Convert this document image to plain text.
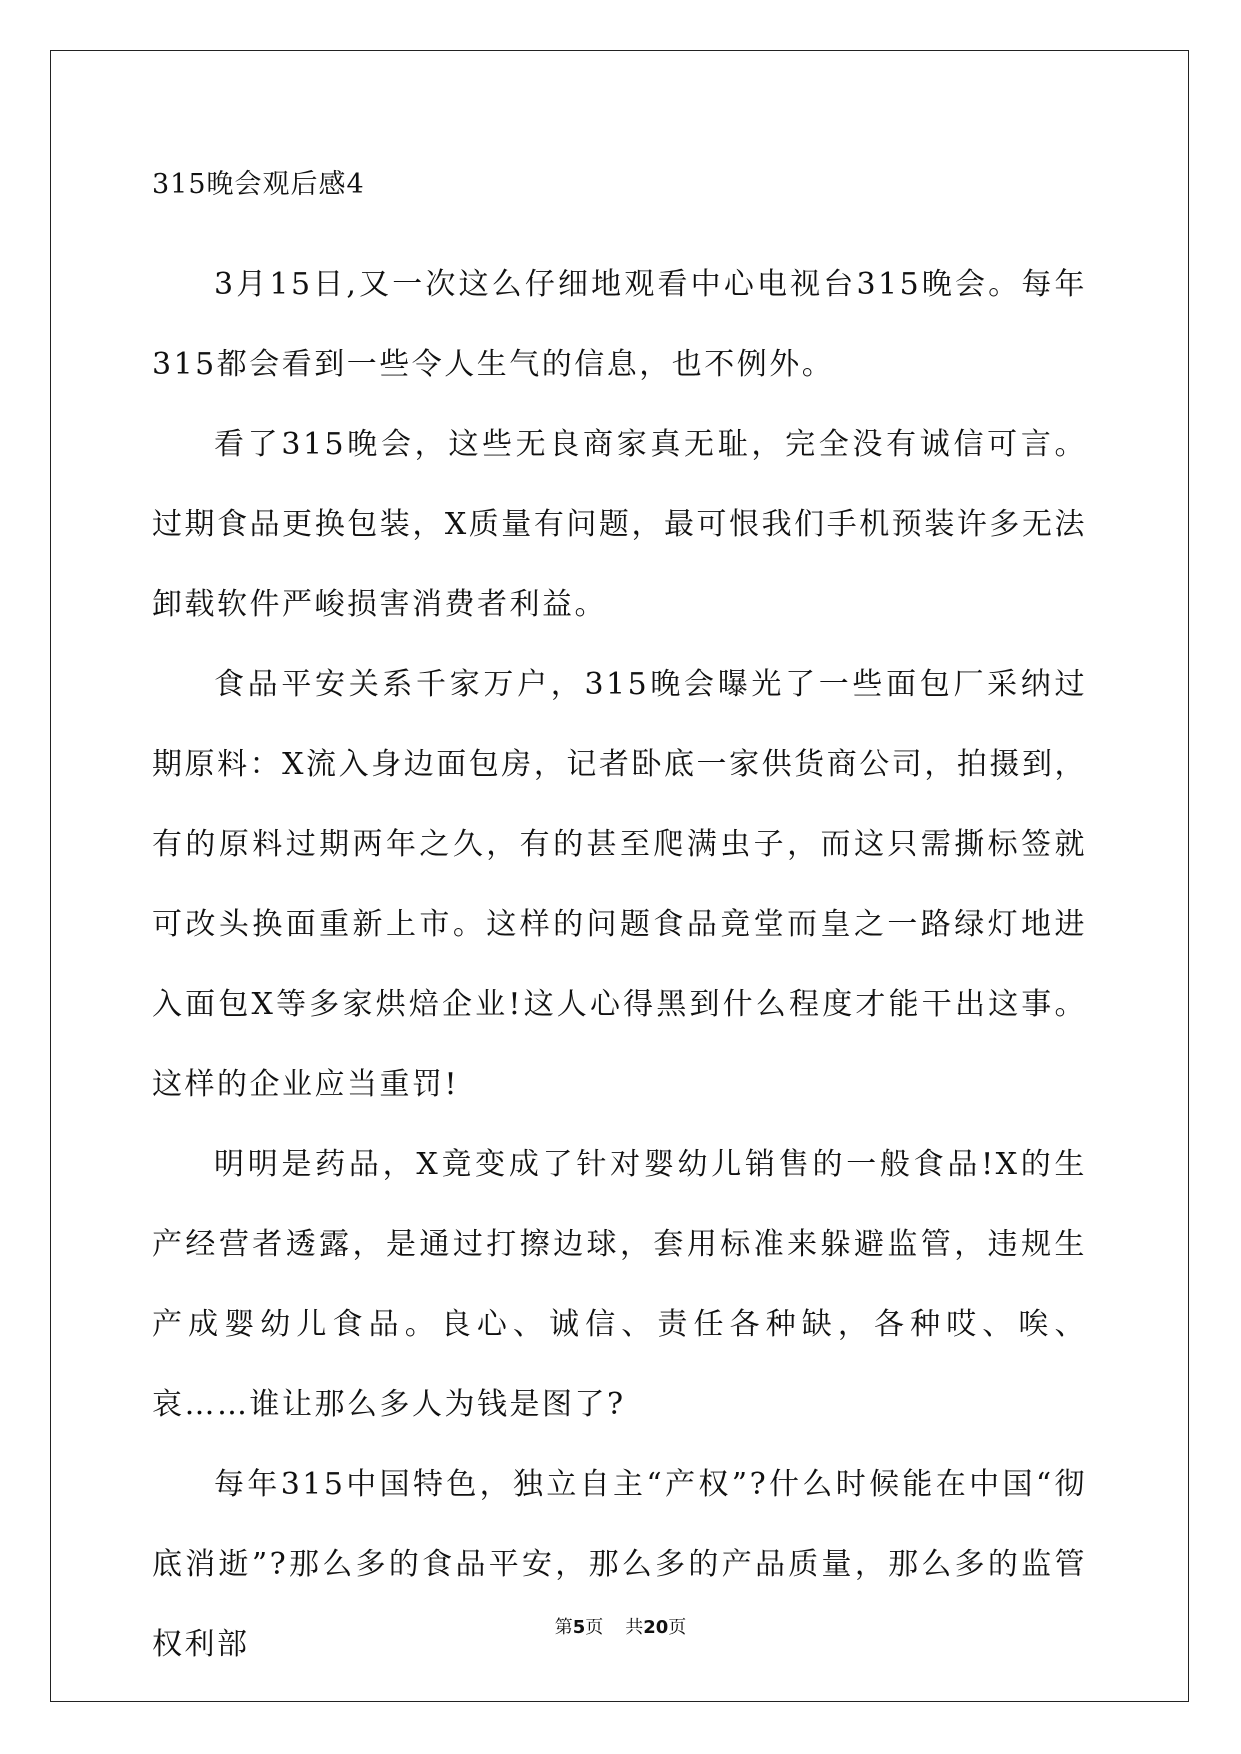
315晚会观后感4

3月15日,又一次这么仔细地观看中心电视台315晚会。每年315都会看到一些令人生气的信息，也不例外。

看了315晚会，这些无良商家真无耻，完全没有诚信可言。过期食品更换包装，X质量有问题，最可恨我们手机预装许多无法卸载软件严峻损害消费者利益。

食品平安关系千家万户，315晚会曝光了一些面包厂采纳过期原料：X流入身边面包房，记者卧底一家供货商公司，拍摄到，有的原料过期两年之久，有的甚至爬满虫子，而这只需撕标签就可改头换面重新上市。这样的问题食品竟堂而皇之一路绿灯地进入面包X等多家烘焙企业!这人心得黑到什么程度才能干出这事。这样的企业应当重罚!

明明是药品，X竟变成了针对婴幼儿销售的一般食品!X的生产经营者透露，是通过打擦边球，套用标准来躲避监管，违规生产成婴幼儿食品。良心、诚信、责任各种缺，各种哎、唉、哀……谁让那么多人为钱是图了?

每年315中国特色，独立自主“产权”?什么时候能在中国“彻底消逝”?那么多的食品平安，那么多的产品质量，那么多的监管权利部	第5页 共20页
